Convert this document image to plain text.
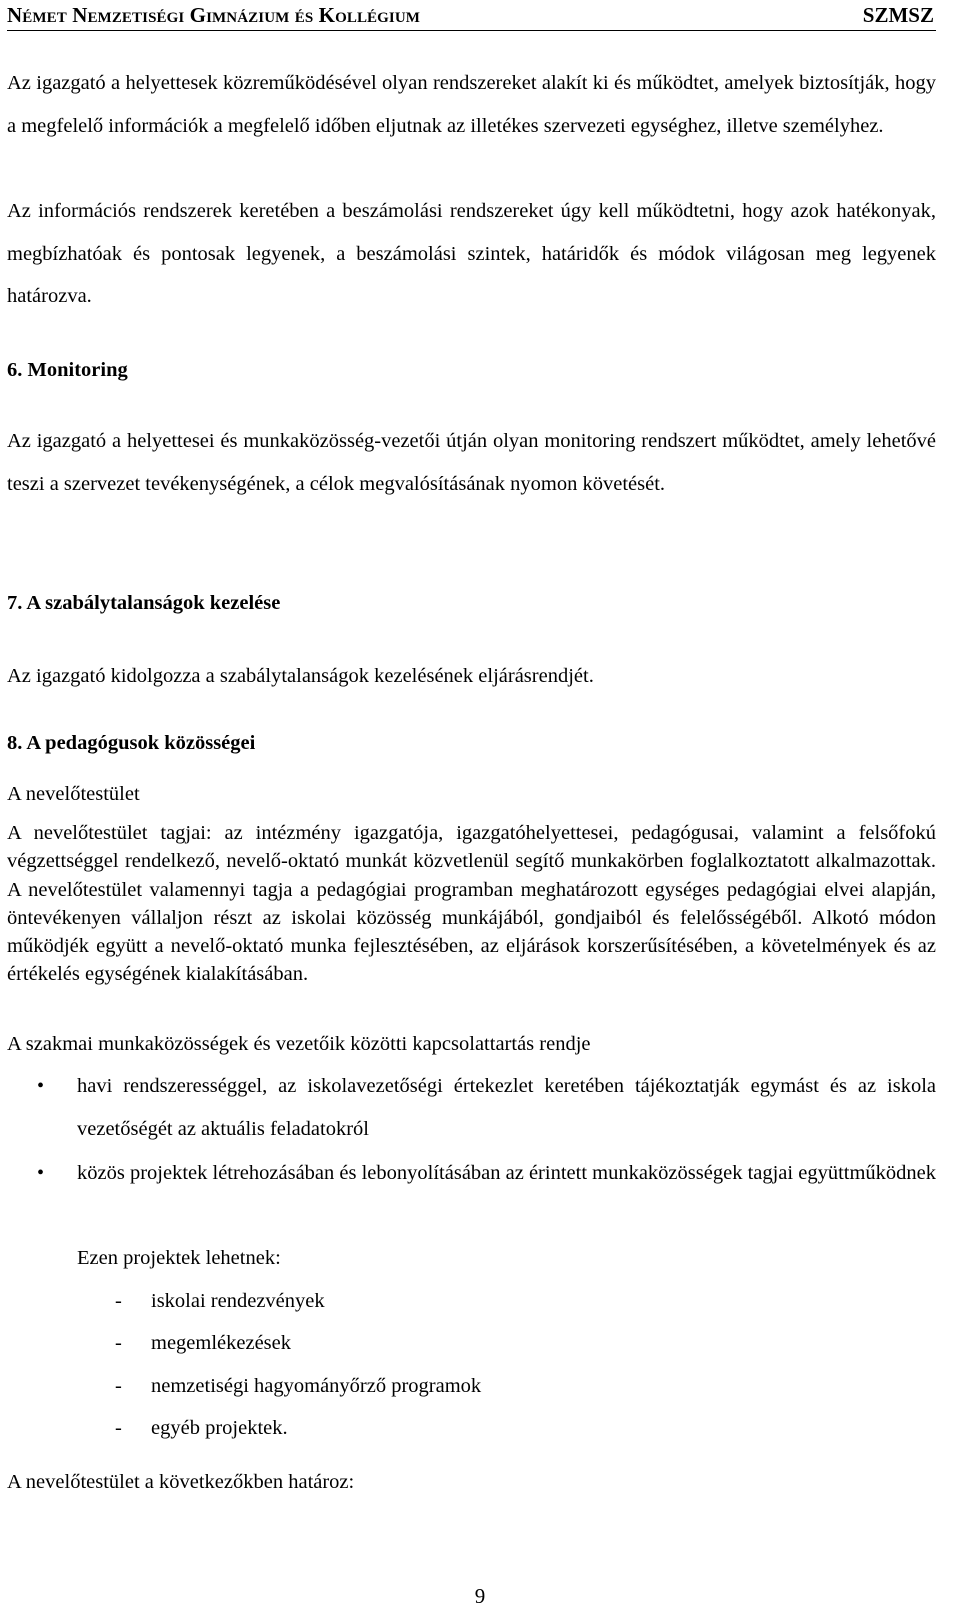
Német Nemzetiségi Gimnázium és Kollégium	SZMSZ

Az igazgató a helyettesek közreműködésével olyan rendszereket alakít ki és működtet, amelyek biztosítják, hogy a megfelelő információk a megfelelő időben eljutnak az illetékes szervezeti egységhez, illetve személyhez.

Az információs rendszerek keretében a beszámolási rendszereket úgy kell működtetni, hogy azok hatékonyak, megbízhatóak és pontosak legyenek, a beszámolási szintek, határidők és módok világosan meg legyenek határozva.

6. Monitoring

Az igazgató a helyettesei és munkaközösség-vezetői útján olyan monitoring rendszert működtet, amely lehetővé teszi a szervezet tevékenységének, a célok megvalósításának nyomon követését.

7. A szabálytalanságok kezelése

Az igazgató kidolgozza a szabálytalanságok kezelésének eljárásrendjét.

8. A pedagógusok közösségei

A nevelőtestület

A nevelőtestület tagjai: az intézmény igazgatója, igazgatóhelyettesei, pedagógusai, valamint a felsőfokú végzettséggel rendelkező, nevelő-oktató munkát közvetlenül segítő munkakörben foglalkoztatott alkalmazottak. A nevelőtestület valamennyi tagja a pedagógiai programban meghatározott egységes pedagógiai elvei alapján, öntevékenyen vállaljon részt az iskolai közösség munkájából, gondjaiból és felelősségéből. Alkotó módon működjék együtt a nevelő-oktató munka fejlesztésében, az eljárások korszerűsítésében, a követelmények és az értékelés egységének kialakításában.

A szakmai munkaközösségek és vezetőik közötti kapcsolattartás rendje

• havi rendszerességgel, az iskolavezetőségi értekezlet keretében tájékoztatják egymást és az iskola vezetőségét az aktuális feladatokról

• közös projektek létrehozásában és lebonyolításában az érintett munkaközösségek tagjai együttműködnek

Ezen projektek lehetnek:

- iskolai rendezvények
- megemlékezések
- nemzetiségi hagyományőrző programok
- egyéb projektek.

A nevelőtestület a következőkben határoz:

9
